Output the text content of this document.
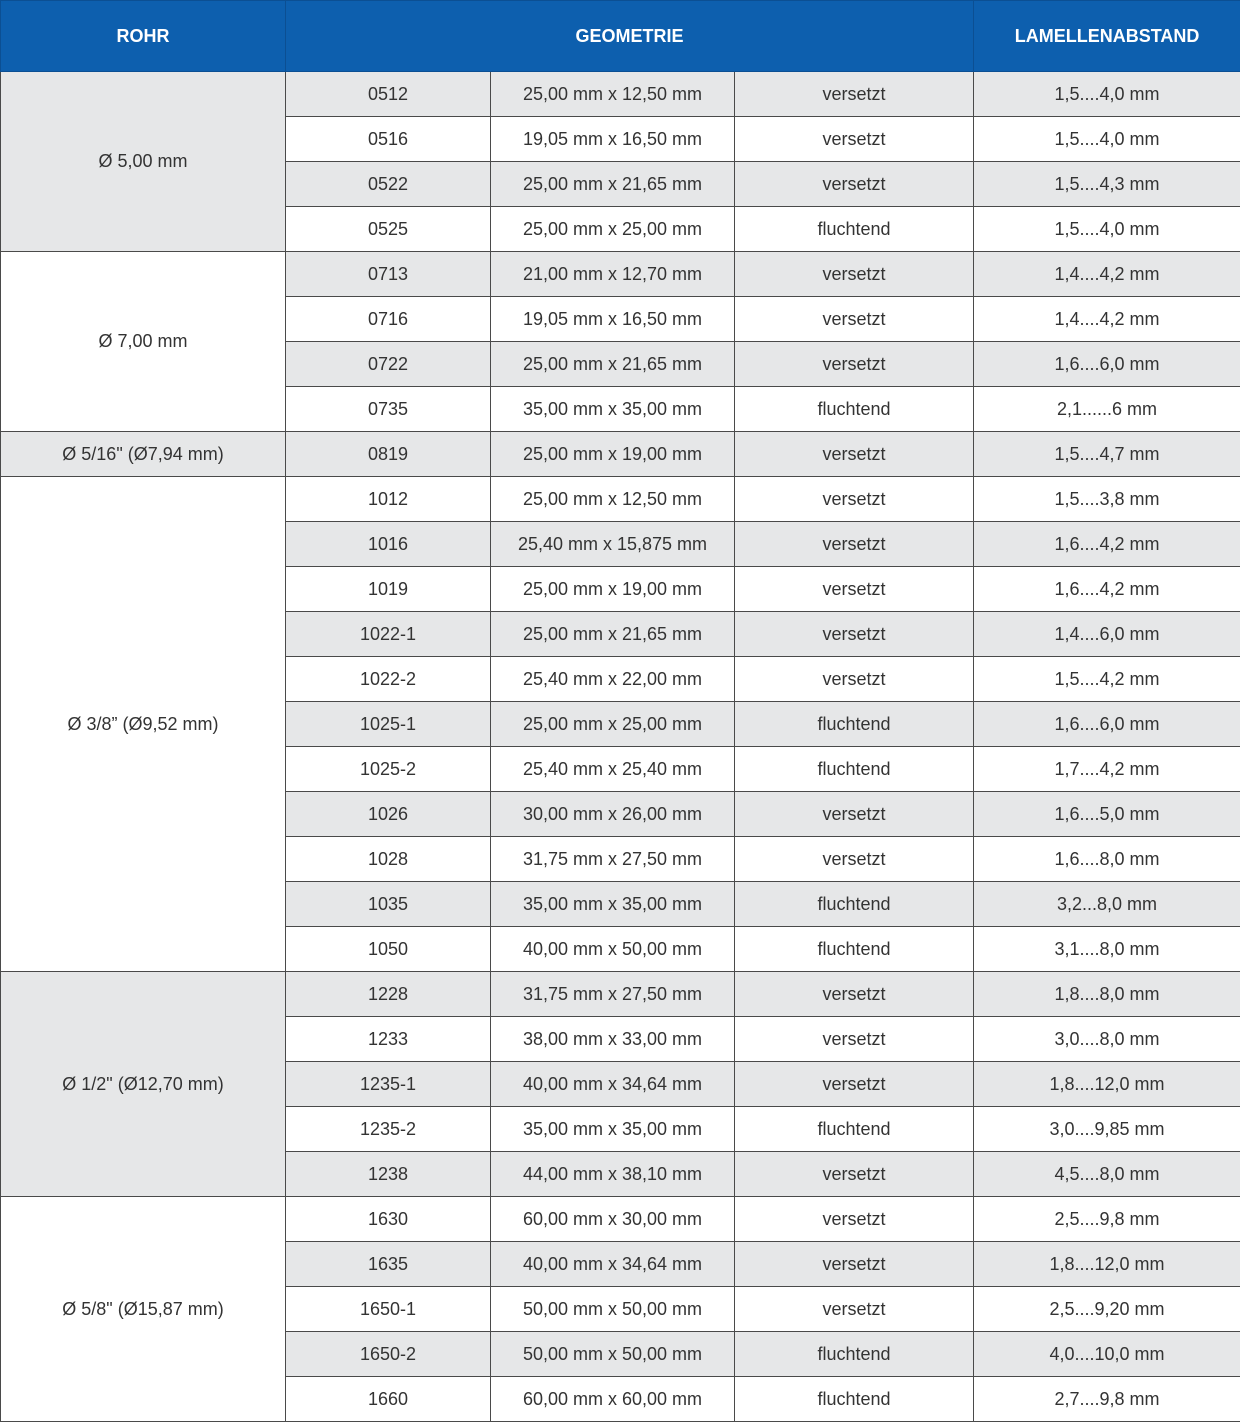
ROHR	GEOMETRIE			LAMELLENABSTAND
Ø 5,00 mm	0512	25,00 mm x 12,50 mm	versetzt	1,5....4,0 mm
	0516	19,05 mm x 16,50 mm	versetzt	1,5....4,0 mm
	0522	25,00 mm x 21,65 mm	versetzt	1,5....4,3 mm
	0525	25,00 mm x 25,00 mm	fluchtend	1,5....4,0 mm
Ø 7,00 mm	0713	21,00 mm x 12,70 mm	versetzt	1,4....4,2 mm
	0716	19,05 mm x 16,50 mm	versetzt	1,4....4,2 mm
	0722	25,00 mm x 21,65 mm	versetzt	1,6....6,0 mm
	0735	35,00 mm x 35,00 mm	fluchtend	2,1......6 mm
Ø 5/16" (Ø7,94 mm)	0819	25,00 mm x 19,00 mm	versetzt	1,5....4,7 mm
Ø 3/8” (Ø9,52 mm)	1012	25,00 mm x 12,50 mm	versetzt	1,5....3,8 mm
	1016	25,40 mm x 15,875 mm	versetzt	1,6....4,2 mm
	1019	25,00 mm x 19,00 mm	versetzt	1,6....4,2 mm
	1022-1	25,00 mm x 21,65 mm	versetzt	1,4....6,0 mm
	1022-2	25,40 mm x 22,00 mm	versetzt	1,5....4,2 mm
	1025-1	25,00 mm x 25,00 mm	fluchtend	1,6....6,0 mm
	1025-2	25,40 mm x 25,40 mm	fluchtend	1,7....4,2 mm
	1026	30,00 mm x 26,00 mm	versetzt	1,6....5,0 mm
	1028	31,75 mm x 27,50 mm	versetzt	1,6....8,0 mm
	1035	35,00 mm x 35,00 mm	fluchtend	3,2...8,0 mm
	1050	40,00 mm x 50,00 mm	fluchtend	3,1....8,0 mm
Ø 1/2" (Ø12,70 mm)	1228	31,75 mm x 27,50 mm	versetzt	1,8....8,0 mm
	1233	38,00 mm x 33,00 mm	versetzt	3,0....8,0 mm
	1235-1	40,00 mm x 34,64 mm	versetzt	1,8....12,0 mm
	1235-2	35,00 mm x 35,00 mm	fluchtend	3,0....9,85 mm
	1238	44,00 mm x 38,10 mm	versetzt	4,5....8,0 mm
Ø 5/8" (Ø15,87 mm)	1630	60,00 mm x 30,00 mm	versetzt	2,5....9,8 mm
	1635	40,00 mm x 34,64 mm	versetzt	1,8....12,0 mm
	1650-1	50,00 mm x 50,00 mm	versetzt	2,5....9,20 mm
	1650-2	50,00 mm x 50,00 mm	fluchtend	4,0....10,0 mm
	1660	60,00 mm x 60,00 mm	fluchtend	2,7....9,8 mm
